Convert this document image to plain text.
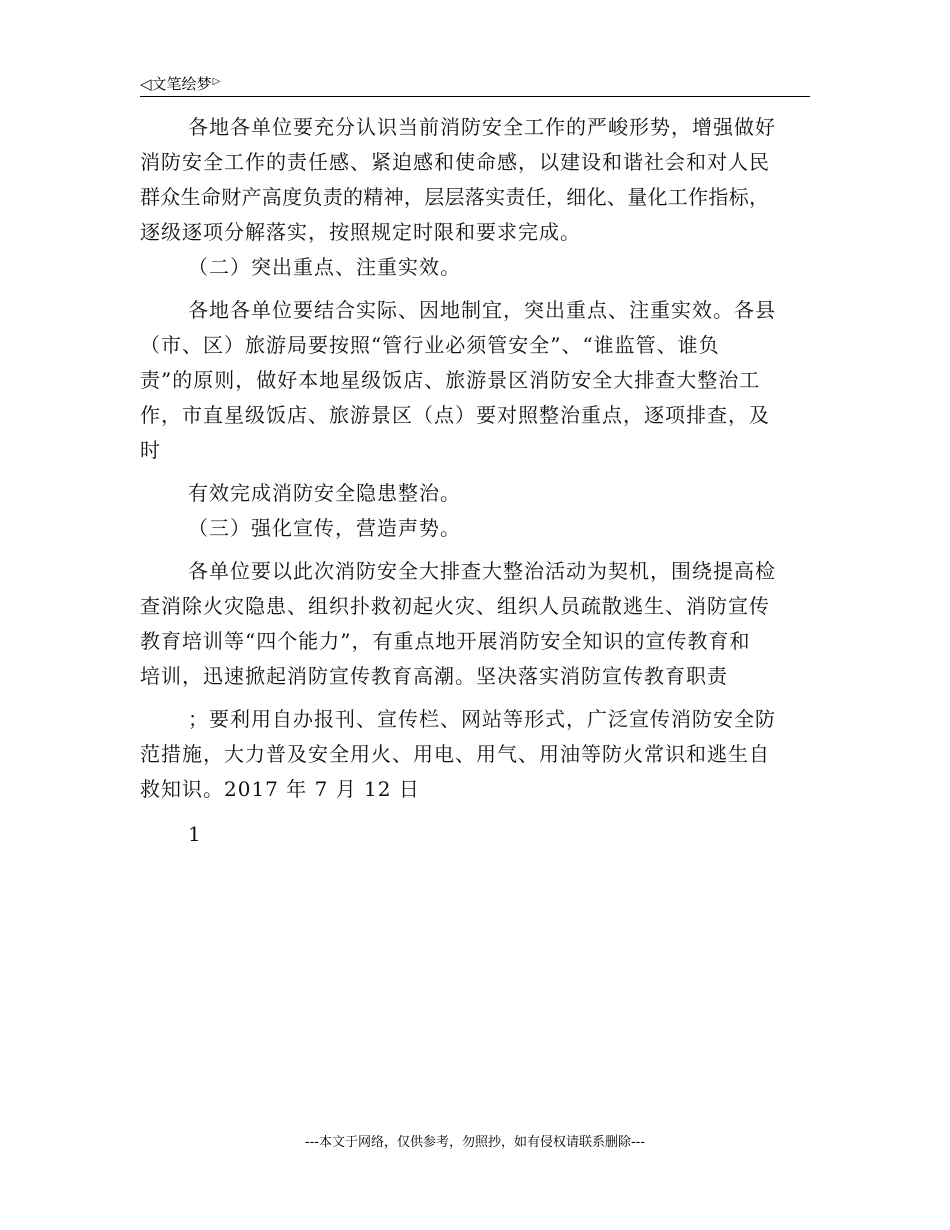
◁文笔绘梦▷
各地各单位要充分认识当前消防安全工作的严峻形势，增强做好
消防安全工作的责任感、紧迫感和使命感，以建设和谐社会和对人民
群众生命财产高度负责的精神，层层落实责任，细化、量化工作指标，
逐级逐项分解落实，按照规定时限和要求完成。
（二）突出重点、注重实效。
各地各单位要结合实际、因地制宜，突出重点、注重实效。各县
（市、区）旅游局要按照“管行业必须管安全”、“谁监管、谁负
责”的原则，做好本地星级饭店、旅游景区消防安全大排查大整治工
作，市直星级饭店、旅游景区（点）要对照整治重点，逐项排查，及
时
有效完成消防安全隐患整治。
（三）强化宣传，营造声势。
各单位要以此次消防安全大排查大整治活动为契机，围绕提高检
查消除火灾隐患、组织扑救初起火灾、组织人员疏散逃生、消防宣传
教育培训等“四个能力”，有重点地开展消防安全知识的宣传教育和
培训，迅速掀起消防宣传教育高潮。坚决落实消防宣传教育职责
；要利用自办报刊、宣传栏、网站等形式，广泛宣传消防安全防
范措施，大力普及安全用火、用电、用气、用油等防火常识和逃生自
救知识。2017 年 7 月 12 日
1
---本文于网络，仅供参考，勿照抄，如有侵权请联系删除---
